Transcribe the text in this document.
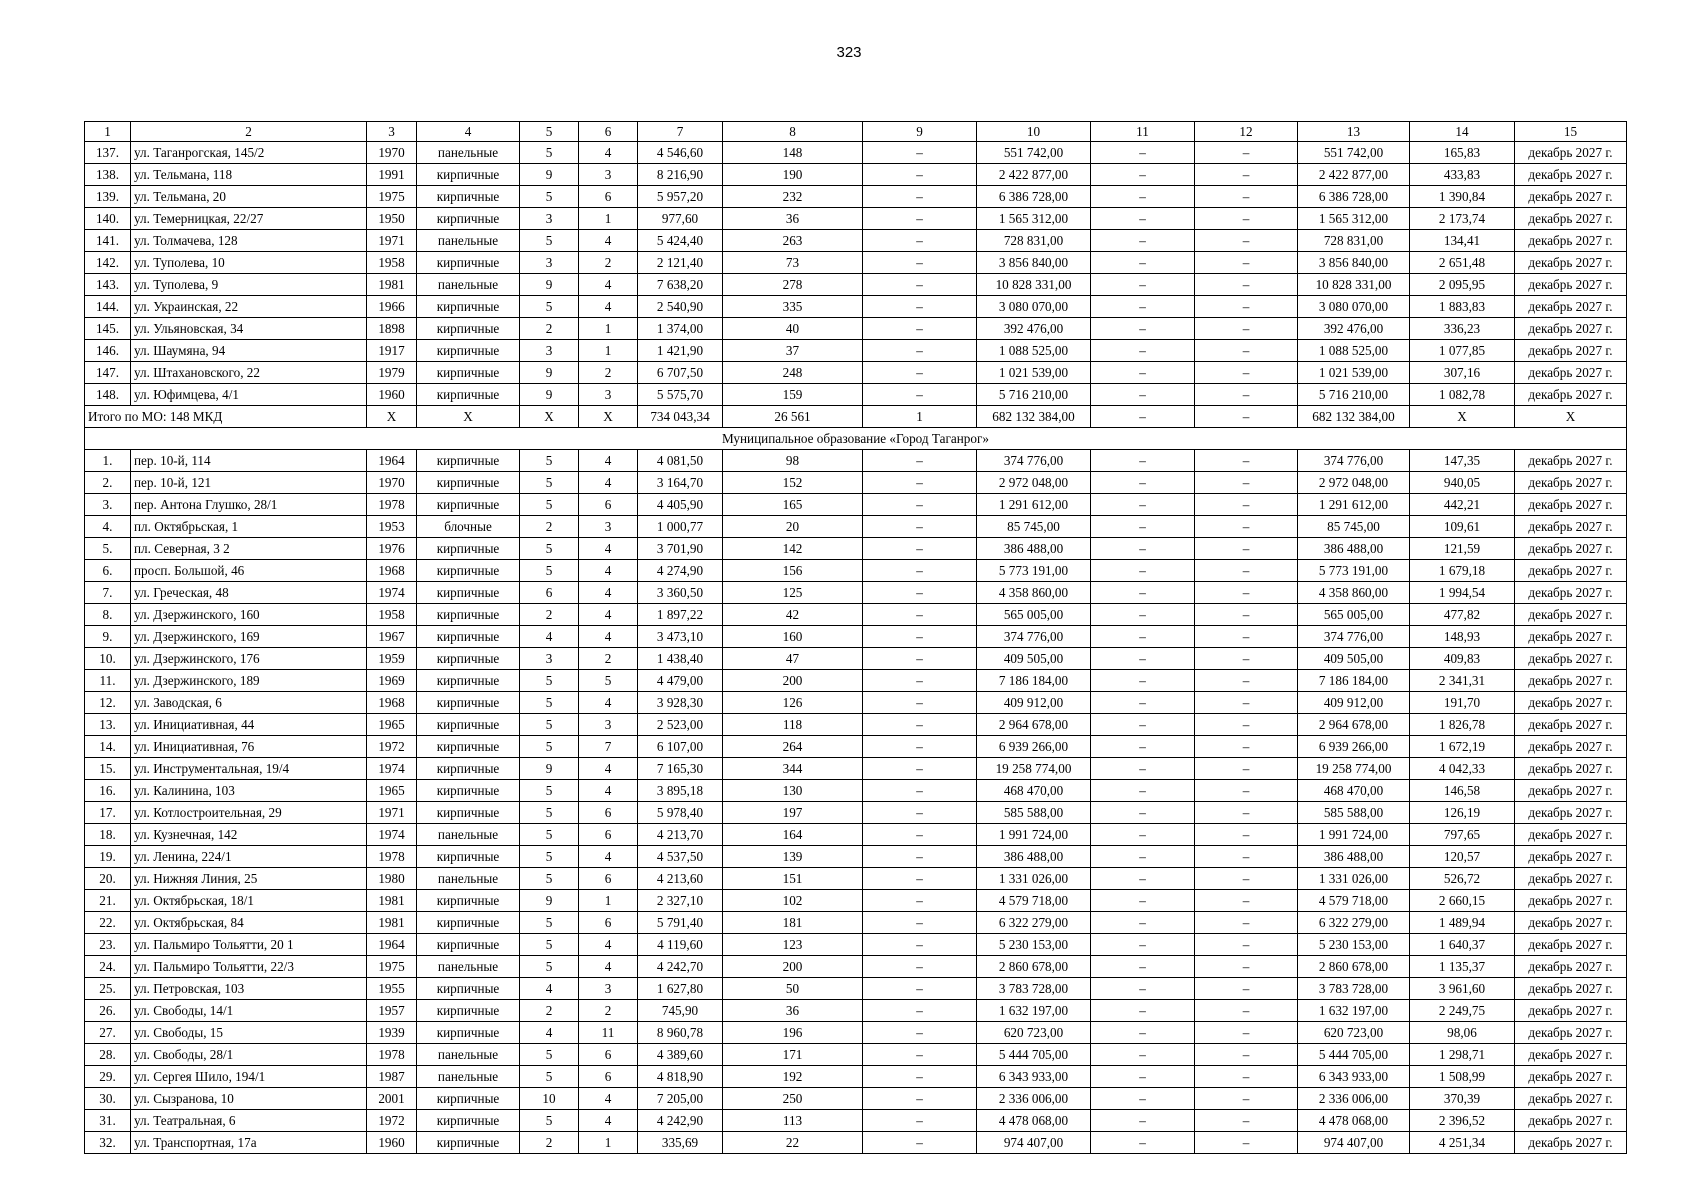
323
1	2	3	4	5	6	7	8	9	10	11	12	13	14	15
137.	ул. Таганрогская, 145/2	1970	панельные	5	4	4 546,60	148	–	551 742,00	–	–	551 742,00	165,83	декабрь 2027 г.
138.	ул. Тельмана, 118	1991	кирпичные	9	3	8 216,90	190	–	2 422 877,00	–	–	2 422 877,00	433,83	декабрь 2027 г.
139.	ул. Тельмана, 20	1975	кирпичные	5	6	5 957,20	232	–	6 386 728,00	–	–	6 386 728,00	1 390,84	декабрь 2027 г.
140.	ул. Темерницкая, 22/27	1950	кирпичные	3	1	977,60	36	–	1 565 312,00	–	–	1 565 312,00	2 173,74	декабрь 2027 г.
141.	ул. Толмачева, 128	1971	панельные	5	4	5 424,40	263	–	728 831,00	–	–	728 831,00	134,41	декабрь 2027 г.
142.	ул. Туполева, 10	1958	кирпичные	3	2	2 121,40	73	–	3 856 840,00	–	–	3 856 840,00	2 651,48	декабрь 2027 г.
143.	ул. Туполева, 9	1981	панельные	9	4	7 638,20	278	–	10 828 331,00	–	–	10 828 331,00	2 095,95	декабрь 2027 г.
144.	ул. Украинская, 22	1966	кирпичные	5	4	2 540,90	335	–	3 080 070,00	–	–	3 080 070,00	1 883,83	декабрь 2027 г.
145.	ул. Ульяновская, 34	1898	кирпичные	2	1	1 374,00	40	–	392 476,00	–	–	392 476,00	336,23	декабрь 2027 г.
146.	ул. Шаумяна, 94	1917	кирпичные	3	1	1 421,90	37	–	1 088 525,00	–	–	1 088 525,00	1 077,85	декабрь 2027 г.
147.	ул. Штахановского, 22	1979	кирпичные	9	2	6 707,50	248	–	1 021 539,00	–	–	1 021 539,00	307,16	декабрь 2027 г.
148.	ул. Юфимцева, 4/1	1960	кирпичные	9	3	5 575,70	159	–	5 716 210,00	–	–	5 716 210,00	1 082,78	декабрь 2027 г.
Итого по МО: 148 МКД		Х	Х	Х	Х	734 043,34	26 561	1	682 132 384,00	–	–	682 132 384,00	Х	Х
Муниципальное образование «Город Таганрог»														
1.	пер. 10-й, 114	1964	кирпичные	5	4	4 081,50	98	–	374 776,00	–	–	374 776,00	147,35	декабрь 2027 г.
2.	пер. 10-й, 121	1970	кирпичные	5	4	3 164,70	152	–	2 972 048,00	–	–	2 972 048,00	940,05	декабрь 2027 г.
3.	пер. Антона Глушко, 28/1	1978	кирпичные	5	6	4 405,90	165	–	1 291 612,00	–	–	1 291 612,00	442,21	декабрь 2027 г.
4.	пл. Октябрьская, 1	1953	блочные	2	3	1 000,77	20	–	85 745,00	–	–	85 745,00	109,61	декабрь 2027 г.
5.	пл. Северная, 3 2	1976	кирпичные	5	4	3 701,90	142	–	386 488,00	–	–	386 488,00	121,59	декабрь 2027 г.
6.	просп. Большой, 46	1968	кирпичные	5	4	4 274,90	156	–	5 773 191,00	–	–	5 773 191,00	1 679,18	декабрь 2027 г.
7.	ул. Греческая, 48	1974	кирпичные	6	4	3 360,50	125	–	4 358 860,00	–	–	4 358 860,00	1 994,54	декабрь 2027 г.
8.	ул. Дзержинского, 160	1958	кирпичные	2	4	1 897,22	42	–	565 005,00	–	–	565 005,00	477,82	декабрь 2027 г.
9.	ул. Дзержинского, 169	1967	кирпичные	4	4	3 473,10	160	–	374 776,00	–	–	374 776,00	148,93	декабрь 2027 г.
10.	ул. Дзержинского, 176	1959	кирпичные	3	2	1 438,40	47	–	409 505,00	–	–	409 505,00	409,83	декабрь 2027 г.
11.	ул. Дзержинского, 189	1969	кирпичные	5	5	4 479,00	200	–	7 186 184,00	–	–	7 186 184,00	2 341,31	декабрь 2027 г.
12.	ул. Заводская, 6	1968	кирпичные	5	4	3 928,30	126	–	409 912,00	–	–	409 912,00	191,70	декабрь 2027 г.
13.	ул. Инициативная, 44	1965	кирпичные	5	3	2 523,00	118	–	2 964 678,00	–	–	2 964 678,00	1 826,78	декабрь 2027 г.
14.	ул. Инициативная, 76	1972	кирпичные	5	7	6 107,00	264	–	6 939 266,00	–	–	6 939 266,00	1 672,19	декабрь 2027 г.
15.	ул. Инструментальная, 19/4	1974	кирпичные	9	4	7 165,30	344	–	19 258 774,00	–	–	19 258 774,00	4 042,33	декабрь 2027 г.
16.	ул. Калинина, 103	1965	кирпичные	5	4	3 895,18	130	–	468 470,00	–	–	468 470,00	146,58	декабрь 2027 г.
17.	ул. Котлостроительная, 29	1971	кирпичные	5	6	5 978,40	197	–	585 588,00	–	–	585 588,00	126,19	декабрь 2027 г.
18.	ул. Кузнечная, 142	1974	панельные	5	6	4 213,70	164	–	1 991 724,00	–	–	1 991 724,00	797,65	декабрь 2027 г.
19.	ул. Ленина, 224/1	1978	кирпичные	5	4	4 537,50	139	–	386 488,00	–	–	386 488,00	120,57	декабрь 2027 г.
20.	ул. Нижняя Линия, 25	1980	панельные	5	6	4 213,60	151	–	1 331 026,00	–	–	1 331 026,00	526,72	декабрь 2027 г.
21.	ул. Октябрьская, 18/1	1981	кирпичные	9	1	2 327,10	102	–	4 579 718,00	–	–	4 579 718,00	2 660,15	декабрь 2027 г.
22.	ул. Октябрьская, 84	1981	кирпичные	5	6	5 791,40	181	–	6 322 279,00	–	–	6 322 279,00	1 489,94	декабрь 2027 г.
23.	ул. Пальмиро Тольятти, 20 1	1964	кирпичные	5	4	4 119,60	123	–	5 230 153,00	–	–	5 230 153,00	1 640,37	декабрь 2027 г.
24.	ул. Пальмиро Тольятти, 22/3	1975	панельные	5	4	4 242,70	200	–	2 860 678,00	–	–	2 860 678,00	1 135,37	декабрь 2027 г.
25.	ул. Петровская, 103	1955	кирпичные	4	3	1 627,80	50	–	3 783 728,00	–	–	3 783 728,00	3 961,60	декабрь 2027 г.
26.	ул. Свободы, 14/1	1957	кирпичные	2	2	745,90	36	–	1 632 197,00	–	–	1 632 197,00	2 249,75	декабрь 2027 г.
27.	ул. Свободы, 15	1939	кирпичные	4	11	8 960,78	196	–	620 723,00	–	–	620 723,00	98,06	декабрь 2027 г.
28.	ул. Свободы, 28/1	1978	панельные	5	6	4 389,60	171	–	5 444 705,00	–	–	5 444 705,00	1 298,71	декабрь 2027 г.
29.	ул. Сергея Шило, 194/1	1987	панельные	5	6	4 818,90	192	–	6 343 933,00	–	–	6 343 933,00	1 508,99	декабрь 2027 г.
30.	ул. Сызранова, 10	2001	кирпичные	10	4	7 205,00	250	–	2 336 006,00	–	–	2 336 006,00	370,39	декабрь 2027 г.
31.	ул. Театральная, 6	1972	кирпичные	5	4	4 242,90	113	–	4 478 068,00	–	–	4 478 068,00	2 396,52	декабрь 2027 г.
32.	ул. Транспортная, 17а	1960	кирпичные	2	1	335,69	22	–	974 407,00	–	–	974 407,00	4 251,34	декабрь 2027 г.
